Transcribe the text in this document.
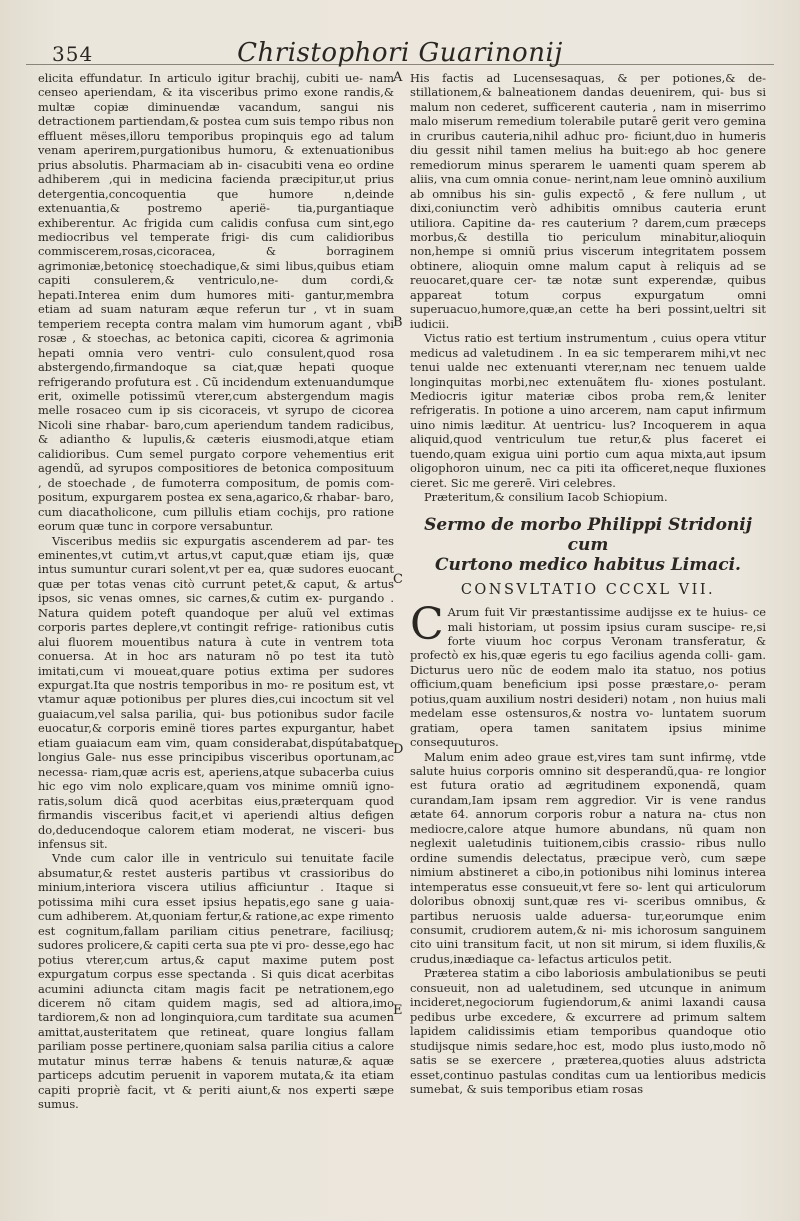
354	Christophori Guarinonij
A
B
C
D
E

elicita effundatur. In articulo igitur brachij, cubiti ue- nam censeo aperiendam, & ita visceribus primo exone randis,& multæ copiæ diminuendæ vacandum, sangui nis detractionem partiendam,& postea cum suis tempo ribus non effluent mëses,illoru temporibus propinquis ego ad talum venam aperirem,purgationibus humoru, & extenuationibus prius absolutis. Pharmaciam ab in- cisacubiti vena eo ordine adhiberem ,qui in medicina facienda præcipitur,ut prius detergentia,concoquentia que humore n,deinde extenuantia,& postremo aperië- tia,purgantiaque exhiberentur. Ac frigida cum calidis confusa cum sint,ego mediocribus vel temperate frigi- dis cum calidioribus commiscerem,rosas,cicoracea, & borraginem agrimoniæ,betonicę stoechadique,& simi libus,quibus etiam capiti consulerem,& ventriculo,ne- dum cordi,& hepati.Interea enim dum humores miti- gantur,membra etiam ad suam naturam æque referun tur , vt in suam temperiem recepta contra malam vim humorum agant , vbi rosæ , & stoechas, ac betonica capiti, cicorea & agrimonia hepati omnia vero ventri- culo consulent,quod rosa abstergendo,firmandoque sa ciat,quæ hepati quoque refrigerando profutura est . Cũ incidendum extenuandumque erit, oximelle potissimũ vterer,cum abstergendum magis melle rosaceo cum ip sis cicoraceis, vt syrupo de cicorea Nicoli sine rhabar- baro,cum aperiendum tandem radicibus, & adiantho & lupulis,& cæteris eiusmodi,atque etiam calidioribus. Cum semel purgato corpore vehementius erit agendũ, ad syrupos compositiores de betonica composituum , de stoechade , de fumoterra compositum, de pomis com- positum, expurgarem postea ex sena,agarico,& rhabar- baro, cum diacatholicone, cum pillulis etiam cochijs, pro ratione eorum quæ tunc in corpore versabuntur.

Visceribus mediis sic expurgatis ascenderem ad par- tes eminentes,vt cutim,vt artus,vt caput,quæ etiam ijs, quæ intus sumuntur curari solent,vt per ea, quæ sudores euocant quæ per totas venas citò currunt petet,& caput, & artus ipsos, sic venas omnes, sic carnes,& cutim ex- purgando . Natura quidem poteft quandoque per aluũ vel extimas corporis partes deplere,vt contingit refrige- rationibus cutis alui fluorem mouentibus natura à cute in ventrem tota conuersa. At in hoc ars naturam nõ po test ita tutò imitati,cum vi moueat,quare potius extima per sudores expurgat.Ita que nostris temporibus in mo- re positum est, vt vtamur aquæ potionibus per plures dies,cui incoctum sit vel guaiacum,vel salsa parilia, qui- bus potionibus sudor facile euocatur,& corporis eminë tiores partes expurgantur, habet etiam guaiacum eam vim, quam considerabat,dispútabatque longius Gale- nus esse principibus visceribus oportunam,ac necessa- riam,quæ acris est, aperiens,atque subacerba cuius hic ego vim nolo explicare,quam vos minime omniũ igno- ratis,solum dicã quod acerbitas eius,præterquam quod firmandis visceribus facit,et vi aperiendi altius defigen do,deducendoque calorem etiam moderat, ne visceri- bus infensus sit.

Vnde cum calor ille in ventriculo sui tenuitate facile absumatur,& restet austeris partibus vt crassioribus do minium,interiora viscera utilius afficiuntur . Itaque si potissima mihi cura esset ipsius hepatis,ego sane g uaia- cum adhiberem. At,quoniam fertur,& ratione,ac expe rimento est cognitum,fallam pariliam citius penetrare, faciliusq; sudores prolicere,& capiti certa sua pte vi pro- desse,ego hac potius vterer,cum artus,& caput maxime putem post expurgatum corpus esse spectanda . Si quis dicat acerbitas acumini adiuncta citam magis facit pe netrationem,ego dicerem nõ citam quidem magis, sed ad altiora,imo tardiorem,& non ad longinquiora,cum tarditate sua acumen amittat,austeritatem que retineat, quare longius fallam pariliam posse pertinere,quoniam salsa parilia citius a calore mutatur minus terræ habens & tenuis naturæ,& aquæ particeps adcutim peruenit in vaporem mutata,& ita etiam capiti propriè facit, vt & periti aiunt,& nos experti sæpe sumus.

His factis ad Lucensesaquas, & per potiones,& de- stillationem,& balneationem dandas deuenirem, qui- bus si malum non cederet, sufficerent cauteria , nam in miserrimo malo miserum remedium tolerabile putarē gerit vero gemina in cruribus cauteria,nihil adhuc pro- ficiunt,duo in humeris diu gessit nihil tamen melius ha buit:ego ab hoc genere remediorum minus sperarem le uamenti quam sperem ab aliis, vna cum omnia conue- nerint,nam leue omninò auxilium ab omnibus his sin- gulis expectō , & fere nullum , ut dixi,coniunctim verò adhibitis omnibus cauteria erunt utiliora. Capitine da- res cauterium ? darem,cum præceps morbus,& destilla tio periculum minabitur,alioquin non,hempe si omniũ prius viscerum integritatem possem obtinere, alioquin omne malum caput à reliquis ad se reuocaret,quare cer- tæ notæ sunt experendæ, quibus appareat totum corpus expurgatum omni superuacuo,humore,quæ,an cette ha beri possint,ueltri sit iudicii.

Victus ratio est tertium instrumentum , cuius opera vtitur medicus ad valetudinem . In ea sic temperarem mihi,vt nec tenui ualde nec extenuanti vterer,nam nec tenuem ualde longinquitas morbi,nec extenuãtem flu- xiones postulant. Mediocris igitur materiæ cibos proba rem,& leniter refrigeratis. In potione a uino arcerem, nam caput infirmum uino nimis læditur. At uentricu- lus? Incoquerem in aqua aliquid,quod ventriculum tue retur,& plus faceret ei tuendo,quam exigua uini portio cum aqua mixta,aut ipsum oligophoron uinum, nec ca piti ita officeret,neque fluxiones cieret. Sic me gererē. Viri celebres.

Præteritum,& consilium Iacob Schiopium.

Sermo de morbo Philippi Stridonij cum
Curtono medico habitus Limaci.
CONSVLTATIO CCCXL VII.

C Arum fuit Vir præstantissime audijsse ex te huius- ce mali historiam, ut possim ipsius curam suscipe- re,si forte viuum hoc corpus Veronam transferatur, & profectò ex his,quæ egeris tu ego facilius agenda colli- gam. Dicturus uero nũc de eodem malo ita statuo, nos potius officium,quam beneficium ipsi posse præstare,o- peram potius,quam auxilium nostri desideri) notam , non huius mali medelam esse ostensuros,& nostra vo- luntatem suorum gratiam, opera tamen sanitatem ipsius minime consequuturos.

Malum enim adeo graue est,vires tam sunt infirmę, vtde salute huius corporis omnino sit desperandũ,qua- re longior est futura oratio ad ægritudinem exponendã, quam curandam,Iam ipsam rem aggredior. Vir is vene randus ætate 64. annorum corporis robur a natura na- ctus non mediocre,calore atque humore abundans, nũ quam non neglexit ualetudinis tuitionem,cibis crassio- ribus nullo ordine sumendis delectatus, præcipue verò, cum sæpe nimium abstineret a cibo,in potionibus nihi lominus interea intemperatus esse consueuit,vt fere so- lent qui articulorum doloribus obnoxij sunt,quæ res vi- sceribus omnibus, & partibus neruosis ualde aduersa- tur,eorumque enim consumit, crudiorem autem,& ni- mis ichorosum sanguinem cito uini transitum facit, ut non sit mirum, si idem fluxilis,& crudus,inædiaque ca- lefactus articulos petit.

Præterea statim a cibo laboriosis ambulationibus se peuti consueuit, non ad ualetudinem, sed utcunque in animum incideret,negociorum fugiendorum,& animi laxandi causa pedibus urbe excedere, & excurrere ad primum saltem lapidem calidissimis etiam temporibus quandoque otio studijsque nimis sedare,hoc est, modo plus iusto,modo nõ satis se se exercere , præterea,quoties aluus adstricta esset,continuo pastulas conditas cum ua lentioribus medicis sumebat, & suis temporibus etiam rosas
